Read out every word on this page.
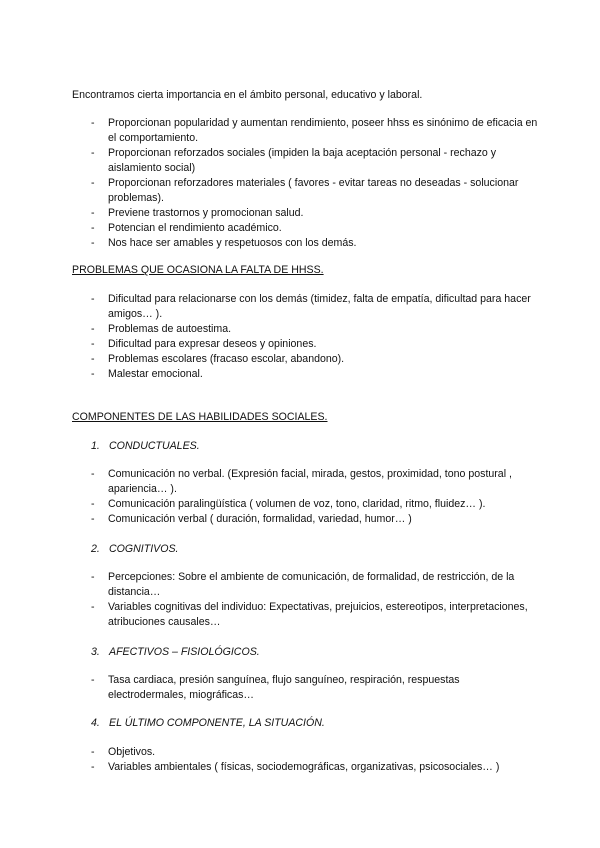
Encontramos cierta importancia en el ámbito personal, educativo y laboral.
- Proporcionan popularidad y aumentan rendimiento, poseer hhss es sinónimo de eficacia en el comportamiento.
- Proporcionan reforzados sociales (impiden la baja aceptación personal - rechazo y aislamiento social)
- Proporcionan reforzadores materiales ( favores - evitar tareas no deseadas - solucionar problemas).
- Previene trastornos y promocionan salud.
- Potencian el rendimiento académico.
- Nos hace ser amables y respetuosos con los demás.
PROBLEMAS QUE OCASIONA LA FALTA DE HHSS.
- Dificultad para relacionarse con los demás (timidez, falta de empatía, dificultad para hacer amigos… ).
- Problemas de autoestima.
- Dificultad para expresar deseos y opiniones.
- Problemas escolares (fracaso escolar, abandono).
- Malestar emocional.
COMPONENTES DE LAS HABILIDADES SOCIALES.
1. CONDUCTUALES.
- Comunicación no verbal. (Expresión facial, mirada, gestos, proximidad, tono postural , apariencia… ).
- Comunicación paralingüística ( volumen de voz, tono, claridad, ritmo, fluidez… ).
- Comunicación verbal ( duración, formalidad, variedad, humor… )
2. COGNITIVOS.
- Percepciones: Sobre el ambiente de comunicación, de formalidad, de restricción, de la distancia…
- Variables cognitivas del individuo: Expectativas, prejuicios, estereotipos, interpretaciones, atribuciones causales…
3. AFECTIVOS – FISIOLÓGICOS.
- Tasa cardiaca, presión sanguínea, flujo sanguíneo, respiración, respuestas electrodermales, miográficas…
4. EL ÚLTIMO COMPONENTE, LA SITUACIÓN.
- Objetivos.
- Variables ambientales ( físicas, sociodemográficas, organizativas, psicosociales… )
